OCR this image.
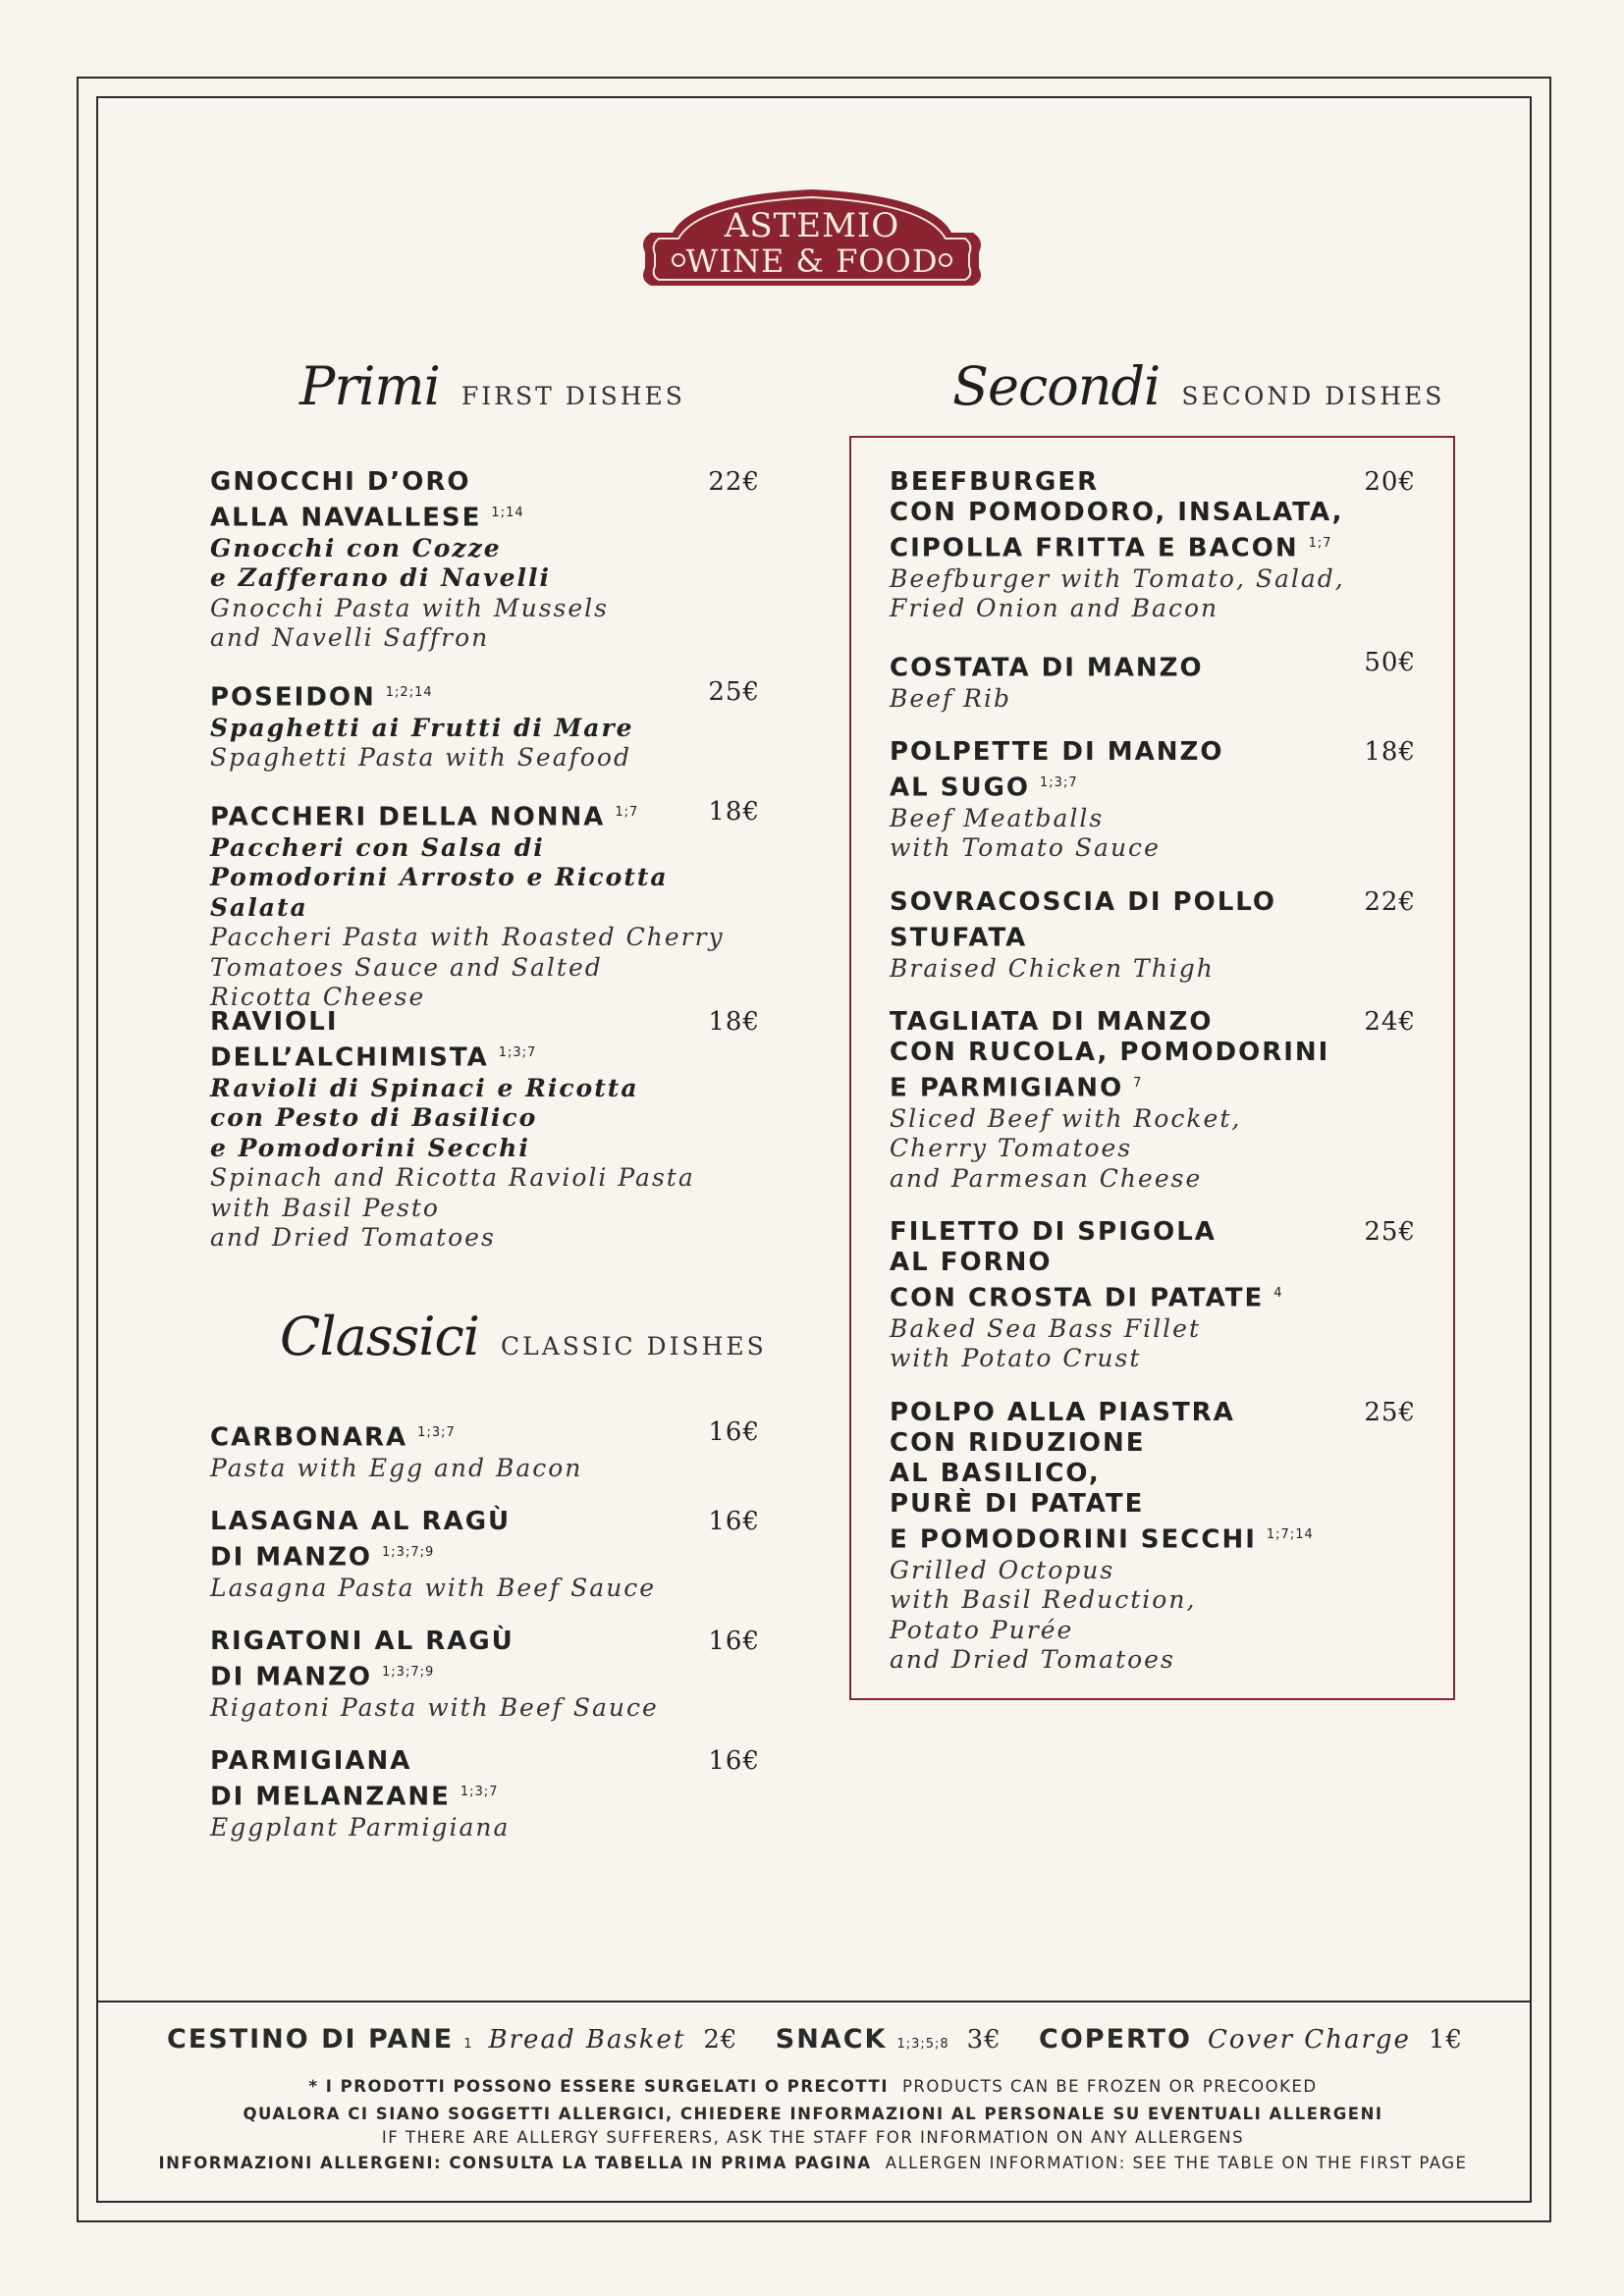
ASTEMIO
WINE & FOOD
Primi FIRST DISHES	Secondi SECOND DISHES
Classici CLASSIC DISHES
GNOCCHI D’ORO
ALLA NAVALLESE $^{1;14}$
22€
Gnocchi con Cozze
e Zafferano di Navelli
Gnocchi Pasta with Mussels
and Navelli Saffron
POSEIDON $^{1;2;14}$	25€
Spaghetti ai Frutti di Mare
Spaghetti Pasta with Seafood
PACCHERI DELLA NONNA $^{1;7}$	18€
Paccheri con Salsa di
Pomodorini Arrosto e Ricotta Salata
Paccheri Pasta with Roasted Cherry
Tomatoes Sauce and Salted
Ricotta Cheese
RAVIOLI
DELL’ALCHIMISTA $^{1;3;7}$
18€
Ravioli di Spinaci e Ricotta
con Pesto di Basilico
e Pomodorini Secchi
Spinach and Ricotta Ravioli Pasta
with Basil Pesto
and Dried Tomatoes
CARBONARA $^{1;3;7}$	16€
Pasta with Egg and Bacon
LASAGNA AL RAGÙ
DI MANZO $^{1;3;7;9}$
16€
Lasagna Pasta with Beef Sauce
RIGATONI AL RAGÙ
DI MANZO $^{1;3;7;9}$
16€
Rigatoni Pasta with Beef Sauce
PARMIGIANA
DI MELANZANE $^{1;3;7}$
16€
Eggplant Parmigiana
BEEFBURGER
CON POMODORO, INSALATA,
CIPOLLA FRITTA E BACON $^{1;7}$
20€
Beefburger with Tomato, Salad,
Fried Onion and Bacon
COSTATA DI MANZO	50€
Beef Rib
POLPETTE DI MANZO
AL SUGO $^{1;3;7}$
18€
Beef Meatballs
with Tomato Sauce
SOVRACOSCIA DI POLLO
STUFATA
22€
Braised Chicken Thigh
TAGLIATA DI MANZO
CON RUCOLA, POMODORINI
E PARMIGIANO $^7$
24€
Sliced Beef with Rocket,
Cherry Tomatoes
and Parmesan Cheese
FILETTO DI SPIGOLA
AL FORNO
CON CROSTA DI PATATE $^4$
25€
Baked Sea Bass Fillet
with Potato Crust
POLPO ALLA PIASTRA
CON RIDUZIONE
AL BASILICO,
PURÈ DI PATATE
E POMODORINI SECCHI $^{1;7;14}$
25€
Grilled Octopus
with Basil Reduction,
Potato Purée
and Dried Tomatoes
CESTINO DI PANE 1 Bread Basket 2€ SNACK 1;3;5;8 3€ COPERTO Cover Charge 1€
* I PRODOTTI POSSONO ESSERE SURGELATI O PRECOTTI PRODUCTS CAN BE FROZEN OR PRECOOKED
QUALORA CI SIANO SOGGETTI ALLERGICI, CHIEDERE INFORMAZIONI AL PERSONALE SU EVENTUALI ALLERGENI
IF THERE ARE ALLERGY SUFFERERS, ASK THE STAFF FOR INFORMATION ON ANY ALLERGENS
INFORMAZIONI ALLERGENI: CONSULTA LA TABELLA IN PRIMA PAGINA ALLERGEN INFORMATION: SEE THE TABLE ON THE FIRST PAGE
